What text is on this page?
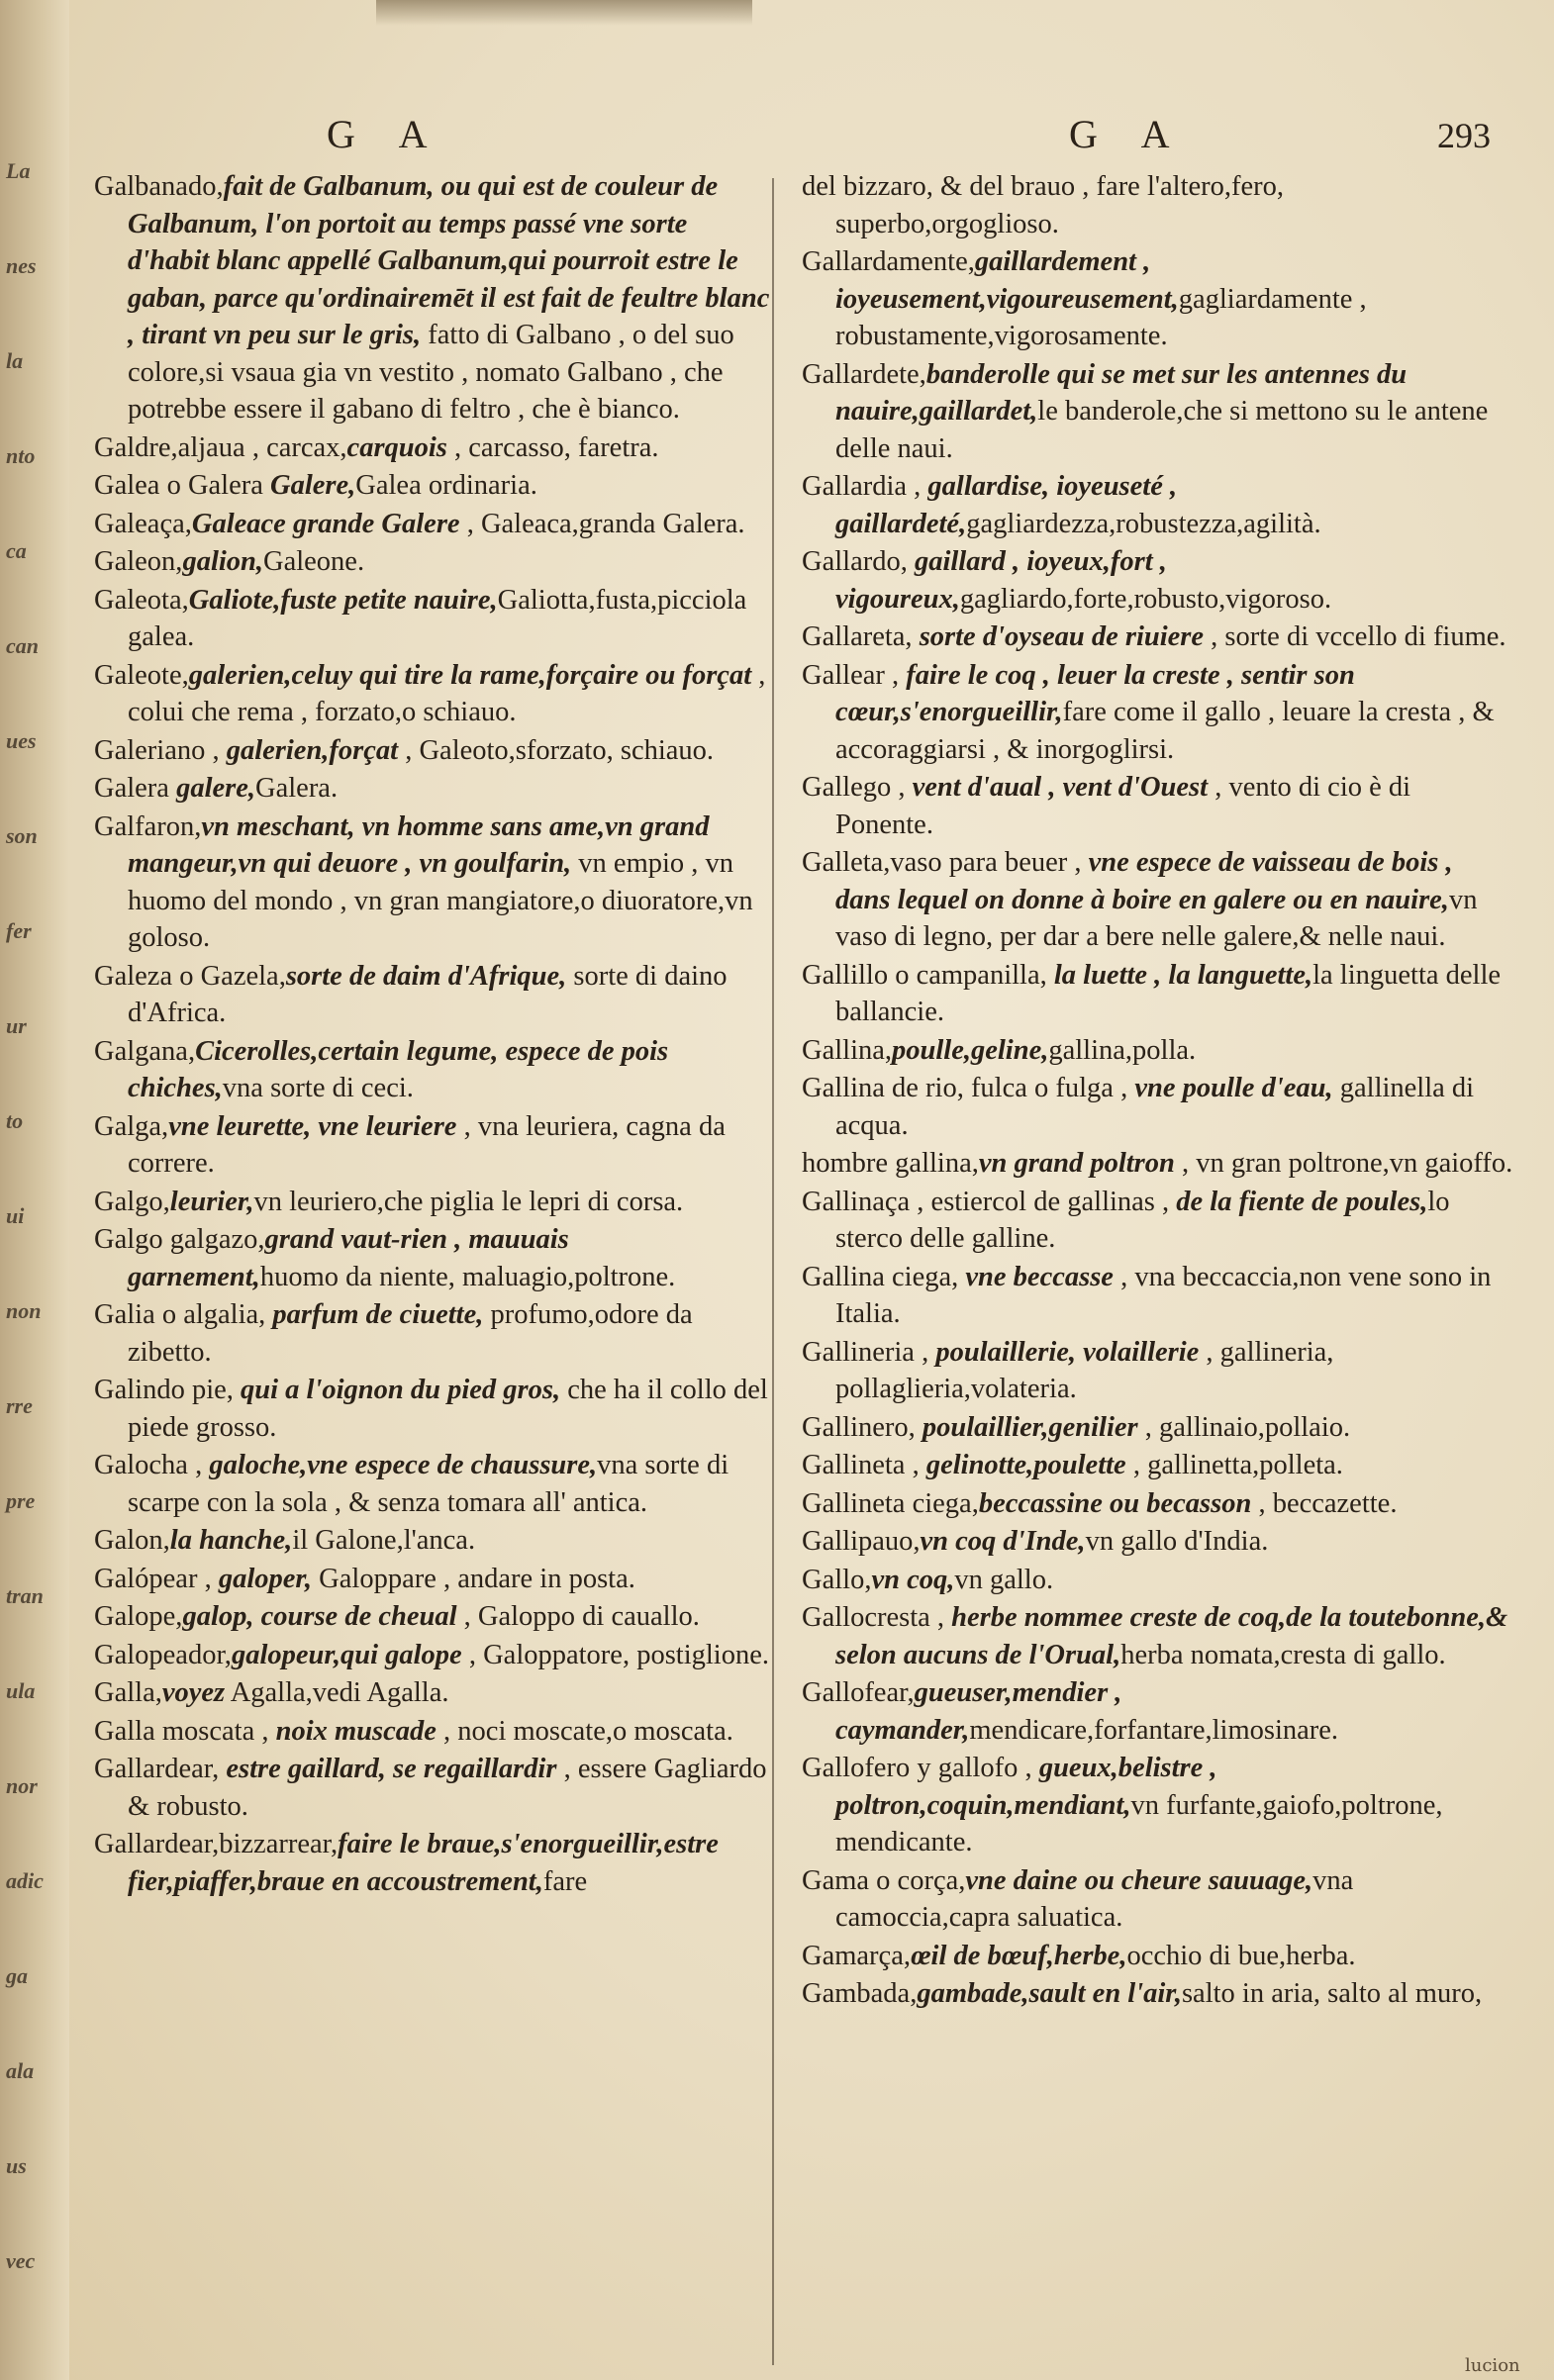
La
nes
la
nto
ca
can
ues
son
fer
ur
to
ui
non
rre
pre
tran
ula
nor
adic
ga
ala
us
vec
G A	G A	293
Galbanado,fait de Galbanum, ou qui est de couleur de Galbanum, l'on portoit au temps passé vne sorte d'habit blanc appellé Galbanum,qui pourroit estre le gaban, parce qu'ordinairemēt il est fait de feultre blanc , tirant vn peu sur le gris, fatto di Galbano , o del suo colore,si vsaua gia vn vestito , nomato Galbano , che potrebbe essere il gabano di feltro , che è bianco.
Galdre,aljaua , carcax,carquois , carcasso, faretra.
Galea o Galera Galere,Galea ordinaria.
Galeaça,Galeace grande Galere , Galeaca,granda Galera.
Galeon,galion,Galeone.
Galeota,Galiote,fuste petite nauire,Galiotta,fusta,picciola galea.
Galeote,galerien,celuy qui tire la rame,forçaire ou forçat , colui che rema , forzato,o schiauo.
Galeriano , galerien,forçat , Galeoto,sforzato, schiauo.
Galera galere,Galera.
Galfaron,vn meschant, vn homme sans ame,vn grand mangeur,vn qui deuore , vn goulfarin, vn empio , vn huomo del mondo , vn gran mangiatore,o diuoratore,vn goloso.
Galeza o Gazela,sorte de daim d'Afrique, sorte di daino d'Africa.
Galgana,Cicerolles,certain legume, espece de pois chiches,vna sorte di ceci.
Galga,vne leurette, vne leuriere , vna leuriera, cagna da correre.
Galgo,leurier,vn leuriero,che piglia le lepri di corsa.
Galgo galgazo,grand vaut-rien , mauuais garnement,huomo da niente, maluagio,poltrone.
Galia o algalia, parfum de ciuette, profumo,odore da zibetto.
Galindo pie, qui a l'oignon du pied gros, che ha il collo del piede grosso.
Galocha , galoche,vne espece de chaussure,vna sorte di scarpe con la sola , & senza tomara all' antica.
Galon,la hanche,il Galone,l'anca.
Galópear , galoper, Galoppare , andare in posta.
Galope,galop, course de cheual , Galoppo di cauallo.
Galopeador,galopeur,qui galope , Galoppatore, postiglione.
Galla,voyez Agalla,vedi Agalla.
Galla moscata , noix muscade , noci moscate,o moscata.
Gallardear, estre gaillard, se regaillardir , essere Gagliardo & robusto.
Gallardear,bizzarrear,faire le braue,s'enorgueillir,estre fier,piaffer,braue en accoustrement,fare
del bizzaro, & del brauo , fare l'altero,fero, superbo,orgoglioso.
Gallardamente,gaillardement , ioyeusement,vigoureusement,gagliardamente , robustamente,vigorosamente.
Gallardete,banderolle qui se met sur les antennes du nauire,gaillardet,le banderole,che si mettono su le antene delle naui.
Gallardia , gallardise, ioyeuseté , gaillardeté,gagliardezza,robustezza,agilità.
Gallardo, gaillard , ioyeux,fort , vigoureux,gagliardo,forte,robusto,vigoroso.
Gallareta, sorte d'oyseau de riuiere , sorte di vccello di fiume.
Gallear , faire le coq , leuer la creste , sentir son cœur,s'enorgueillir,fare come il gallo , leuare la cresta , & accoraggiarsi , & inorgoglirsi.
Gallego , vent d'aual , vent d'Ouest , vento di cio è di Ponente.
Galleta,vaso para beuer , vne espece de vaisseau de bois , dans lequel on donne à boire en galere ou en nauire,vn vaso di legno, per dar a bere nelle galere,& nelle naui.
Gallillo o campanilla, la luette , la languette,la linguetta delle ballancie.
Gallina,poulle,geline,gallina,polla.
Gallina de rio, fulca o fulga , vne poulle d'eau, gallinella di acqua.
hombre gallina,vn grand poltron , vn gran poltrone,vn gaioffo.
Gallinaça , estiercol de gallinas , de la fiente de poules,lo sterco delle galline.
Gallina ciega, vne beccasse , vna beccaccia,non vene sono in Italia.
Gallineria , poulaillerie, volaillerie , gallineria, pollaglieria,volateria.
Gallinero, poulaillier,genilier , gallinaio,pollaio.
Gallineta , gelinotte,poulette , gallinetta,polleta.
Gallineta ciega,beccassine ou becasson , beccazette.
Gallipauo,vn coq d'Inde,vn gallo d'India.
Gallo,vn coq,vn gallo.
Gallocresta , herbe nommee creste de coq,de la toutebonne,& selon aucuns de l'Orual,herba nomata,cresta di gallo.
Gallofear,gueuser,mendier , caymander,mendicare,forfantare,limosinare.
Gallofero y gallofo , gueux,belistre , poltron,coquin,mendiant,vn furfante,gaiofo,poltrone, mendicante.
Gama o corça,vne daine ou cheure sauuage,vna camoccia,capra saluatica.
Gamarça,œil de bœuf,herbe,occhio di bue,herba.
Gambada,gambade,sault en l'air,salto in aria, salto al muro,
lucion
